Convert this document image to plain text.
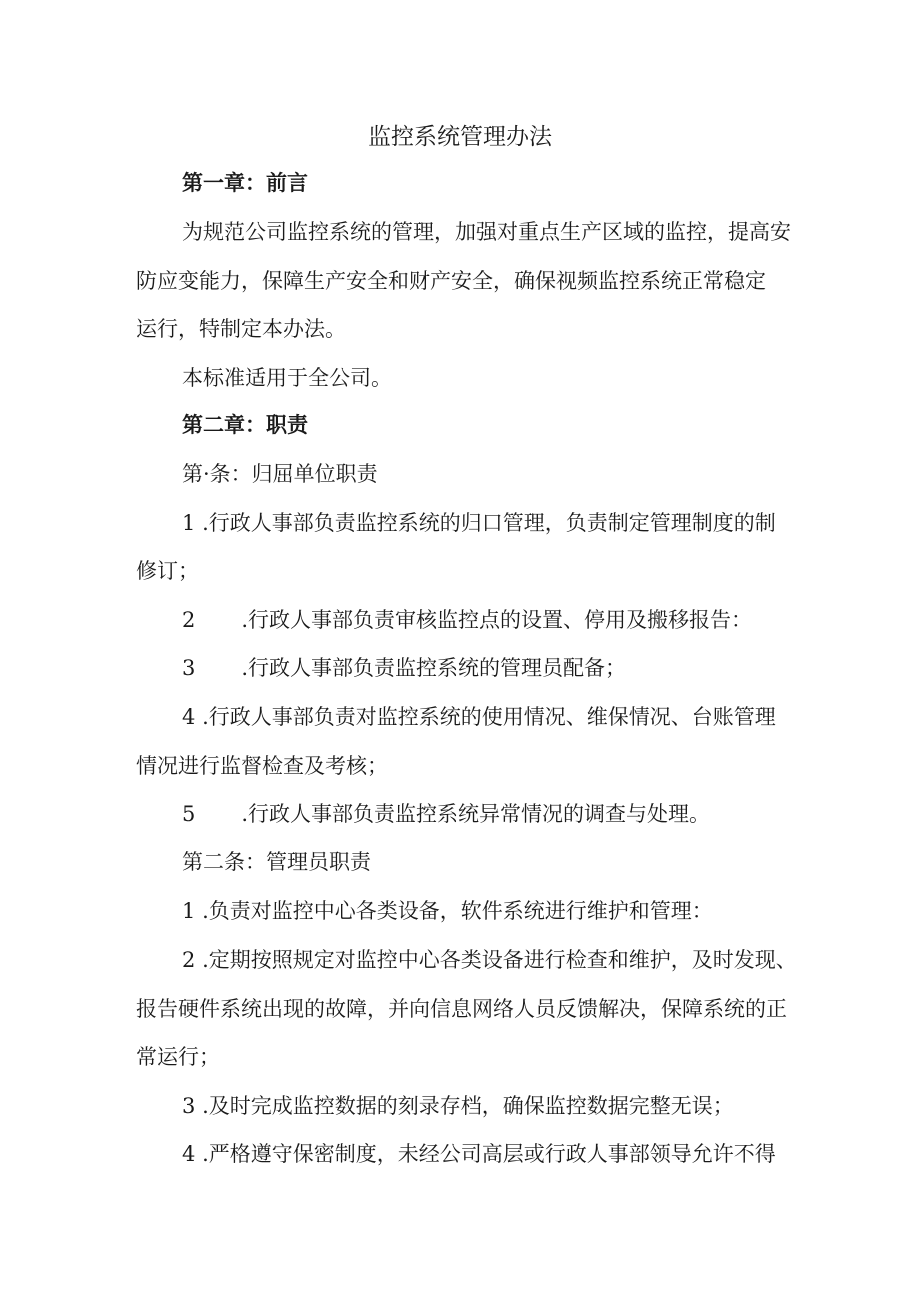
监控系统管理办法
第一章：前言
为规范公司监控系统的管理，加强对重点生产区域的监控，提高安
防应变能力，保障生产安全和财产安全，确保视频监控系统正常稳定
运行，特制定本办法。
本标准适用于全公司。
第二章：职责
第·条：归屈单位职责
1 .行政人事部负责监控系统的归口管理，负责制定管理制度的制
修订；
2 .行政人事部负责审核监控点的设置、停用及搬移报告：
3 .行政人事部负责监控系统的管理员配备；
4 .行政人事部负责对监控系统的使用情况、维保情况、台账管理
情况进行监督检查及考核；
5 .行政人事部负责监控系统异常情况的调查与处理。
第二条：管理员职责
1 .负责对监控中心各类设备，软件系统进行维护和管理：
2 .定期按照规定对监控中心各类设备进行检查和维护，及时发现、
报告硬件系统出现的故障，并向信息网络人员反馈解决，保障系统的正
常运行；
3 .及时完成监控数据的刻录存档，确保监控数据完整无误；
4 .严格遵守保密制度，未经公司高层或行政人事部领导允许不得
